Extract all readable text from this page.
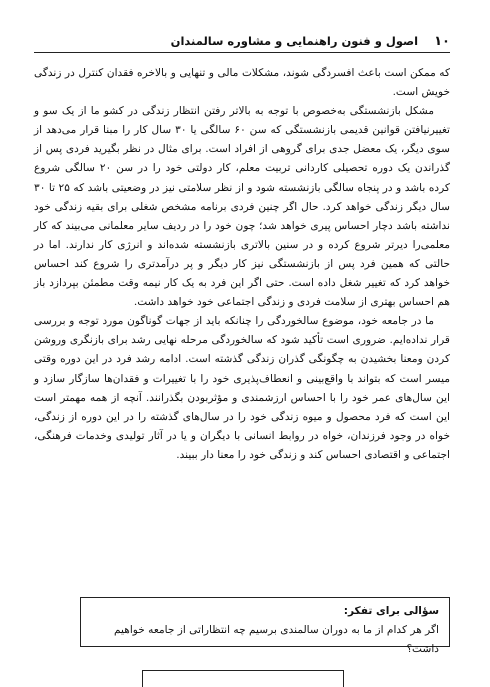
۱۰
اصول و فنون راهنمایی و مشاوره سالمندان

که ممکن است باعث افسردگی شوند، مشکلات مالی و تنهایی و بالاخره فقدان کنترل در زندگی خویش است.

مشکل بازنشستگی به‌خصوص با توجه به بالاتر رفتن انتظار زندگی در کشو ما از یک سو و تغییرنیافتن قوانین قدیمی بازنشستگی که سن ۶۰ سالگی یا ۳۰ سال کار را مبنا قرار می‌دهد از سوی دیگر، یک معضل جدی برای گروهی از افراد است. برای مثال در نظر بگیرید فردی پس از گذراندن یک دوره تحصیلی کاردانی تربیت معلم، کار دولتی خود را در سن ۲۰ سالگی شروع کرده باشد و در پنجاه سالگی بازنشسته شود و از نظر سلامتی نیز در وضعیتی باشد که ۲۵ تا ۳۰ سال دیگر زندگی خواهد کرد. حال اگر چنین فردی برنامه مشخص شغلی برای بقیه زندگی خود نداشته باشد دچار احساس پیری خواهد شد؛ چون خود را در ردیف سایر معلمانی می‌بیند که کار معلمی‌را دیرتر شروع کرده و در سنین بالاتری بازنشسته شده‌اند و انرژی کار ندارند. اما در حالتی که همین فرد پس از بازنشستگی نیز کار دیگر و پر درآمدتری را شروع کند احساس خواهد کرد که تغییر شغل داده است. حتی اگر این فرد به یک کار نیمه وقت مطمئن بپردازد باز هم احساس بهتری از سلامت فردی و زندگی اجتماعی خود خواهد داشت.

ما در جامعه خود، موضوع سالخوردگی را چنانکه باید از جهات گوناگون مورد توجه و بررسی قرار نداده‌ایم. ضروری است تأکید شود که سالخوردگی مرحله نهایی رشد برای بازنگری وروشن کردن ومعنا بخشیدن به چگونگی گذران زندگی گذشته است. ادامه رشد فرد در این دوره وقتی میسر است که بتواند با واقع‌بینی و انعطاف‌پذیری خود را با تغییرات و فقدان‌ها سازگار سازد و این سال‌های عمر خود را با احساس ارزشمندی و مؤثربودن بگذرانند. آنچه از همه مهمتر است این است که فرد محصول و میوه زندگی خود را در سال‌های گذشته را در این دوره از زندگی، خواه در وجود فرزندان، خواه در روابط انسانی با دیگران و یا در آثار تولیدی وخدمات فرهنگی، اجتماعی و اقتصادی احساس کند و زندگی خود را معنا دار ببیند.

سؤالی برای تفکر:
اگر هر کدام از ما به دوران سالمندی برسیم چه انتظاراتی از جامعه خواهیم داشت؟
